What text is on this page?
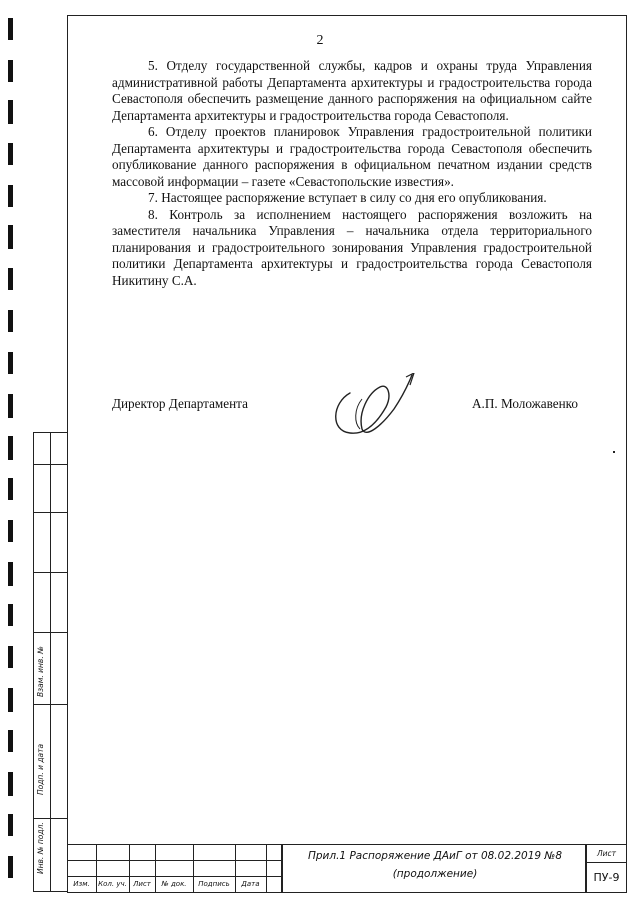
2

5. Отделу государственной службы, кадров и охраны труда Управления административной работы Департамента архитектуры и градостроительства города Севастополя обеспечить размещение данного распоряжения на официальном сайте Департамента архитектуры и градостроительства города Севастополя.

6. Отделу проектов планировок Управления градостроительной политики Департамента архитектуры и градостроительства города Севастополя обеспечить опубликование данного распоряжения в официальном печатном издании средств массовой информации – газете «Севастопольские известия».

7. Настоящее распоряжение вступает в силу со дня его опубликования.

8. Контроль за исполнением настоящего распоряжения возложить на заместителя начальника Управления – начальника отдела территориального планирования и градостроительного зонирования Управления градостроительной политики Департамента архитектуры и градостроительства города Севастополя Никитину С.А.

Директор Департамента	А.П. Моложавенко
Взам. инв. №
Подп. и дата
Инв. № подл.
Изм.	Кол. уч. Лист	№ док.	Подпись	Дата
Прил.1 Распоряжение ДАиГ от 08.02.2019 №8
(продолжение)
Лист
ПУ-9
